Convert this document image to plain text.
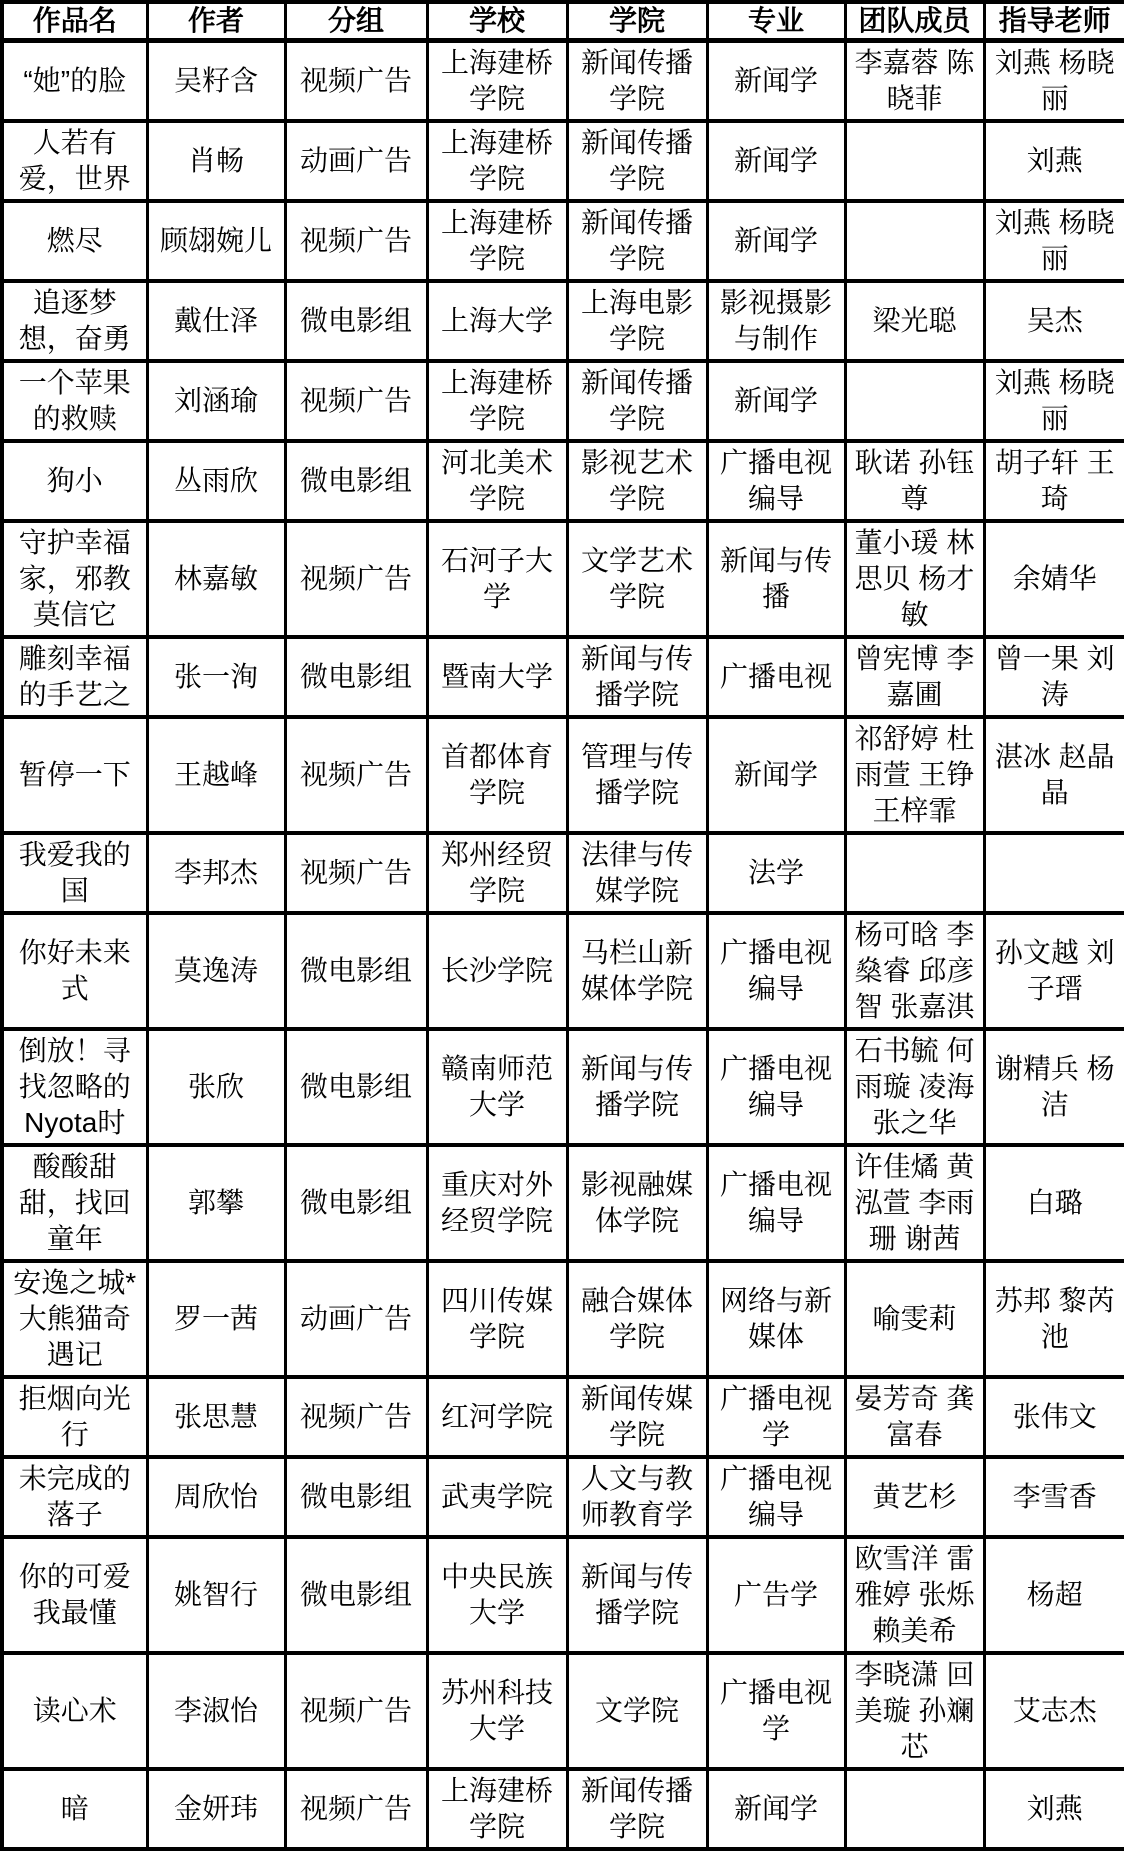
作品名	作者	分组	学校	学院	专业	团队成员	指导老师
“她”的脸	吴籽含	视频广告	上海建桥学院	新闻传播学院	新闻学	李嘉蓉 陈晓菲	刘燕 杨晓丽
人若有爱，世界	肖畅	动画广告	上海建桥学院	新闻传播学院	新闻学		刘燕
燃尽	顾翃婉儿	视频广告	上海建桥学院	新闻传播学院	新闻学		刘燕 杨晓丽
追逐梦想，奋勇	戴仕泽	微电影组	上海大学	上海电影学院	影视摄影与制作	梁光聪	吴杰
一个苹果的救赎	刘涵瑜	视频广告	上海建桥学院	新闻传播学院	新闻学		刘燕 杨晓丽
狗小	丛雨欣	微电影组	河北美术学院	影视艺术学院	广播电视编导	耿诺 孙钰尊	胡子轩 王琦
守护幸福家，邪教莫信它	林嘉敏	视频广告	石河子大学	文学艺术学院	新闻与传播	董小瑗 林思贝 杨才敏	余婧华
雕刻幸福的手艺之	张一洵	微电影组	暨南大学	新闻与传播学院	广播电视	曾宪博 李嘉圃	曾一果 刘涛
暂停一下	王越峰	视频广告	首都体育学院	管理与传播学院	新闻学	祁舒婷 杜雨萱 王铮 王梓霏	湛冰 赵晶晶
我爱我的国	李邦杰	视频广告	郑州经贸学院	法律与传媒学院	法学		
你好未来式	莫逸涛	微电影组	长沙学院	马栏山新媒体学院	广播电视编导	杨可晗 李燊睿 邱彦智 张嘉淇	孙文越 刘子瑨
倒放！寻找忽略的Nyota时	张欣	微电影组	赣南师范大学	新闻与传播学院	广播电视编导	石书毓 何雨璇 凌海 张之华	谢精兵 杨洁
酸酸甜甜，找回童年	郭攀	微电影组	重庆对外经贸学院	影视融媒体学院	广播电视编导	许佳燏 黄泓萱 李雨珊 谢茜	白璐
安逸之城*大熊猫奇遇记	罗一茜	动画广告	四川传媒学院	融合媒体学院	网络与新媒体	喻雯莉	苏邦 黎芮池
拒烟向光行	张思慧	视频广告	红河学院	新闻传媒学院	广播电视学	晏芳奇 龚富春	张伟文
未完成的落子	周欣怡	微电影组	武夷学院	人文与教师教育学	广播电视编导	黄艺杉	李雪香
你的可爱我最懂	姚智行	微电影组	中央民族大学	新闻与传播学院	广告学	欧雪洋 雷雅婷 张烁 赖美希	杨超
读心术	李淑怡	视频广告	苏州科技大学	文学院	广播电视学	李晓潇 回美璇 孙斓芯	艾志杰
暗	金妍玮	视频广告	上海建桥学院	新闻传播学院	新闻学		刘燕
